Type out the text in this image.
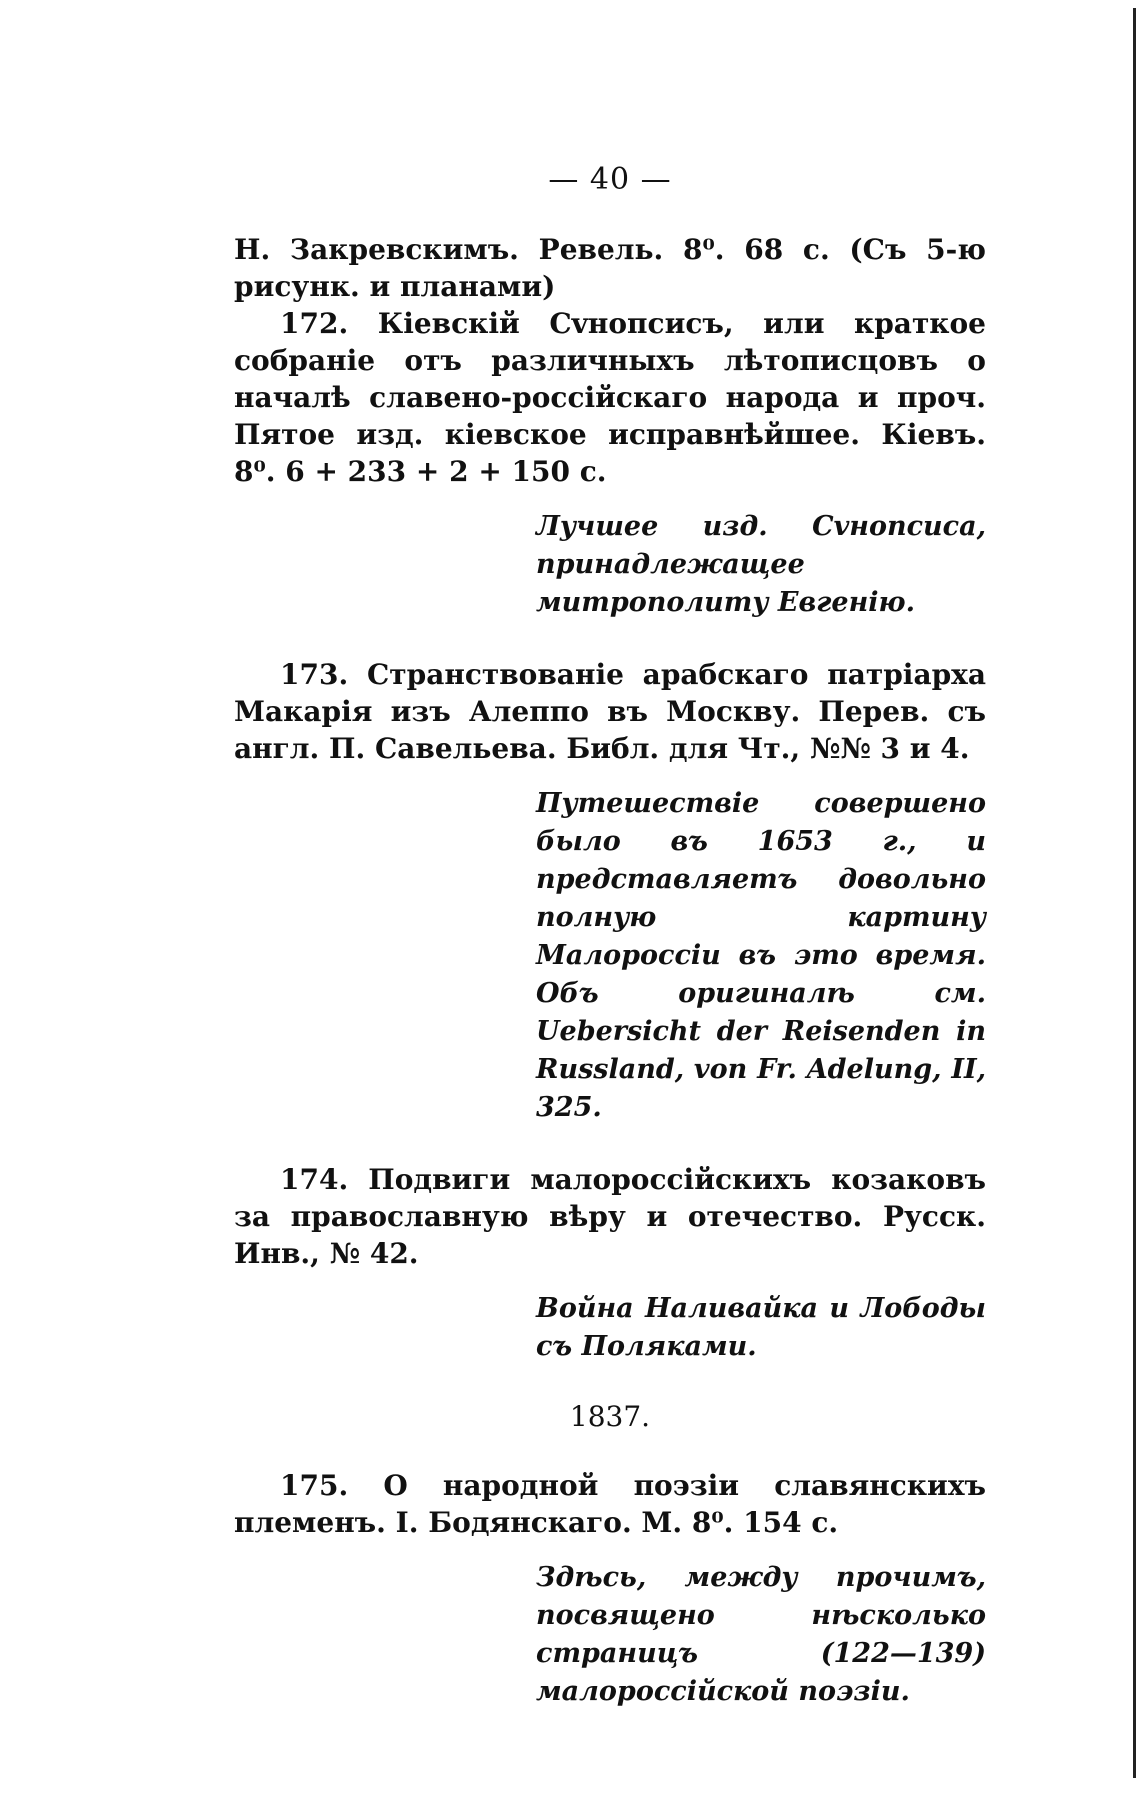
— 40 —

Н. Закревскимъ. Ревель. 8⁰. 68 с. (Съ 5-ю рисунк. и планами)

172. Кіевскій Сvнопсисъ, или краткое собраніе отъ различныхъ лѣтописцовъ о началѣ славено-россійскаго народа и проч. Пятое изд. кіевское исправнѣйшее. Кіевъ. 8⁰. 6 + 233 + 2 + 150 с.

Лучшее изд. Сvнопсиса, принадлежащее митрополиту Евгенію.

173. Странствованіе арабскаго патріарха Макарія изъ Алеппо въ Москву. Перев. съ англ. П. Савельева. Библ. для Чт., №№ 3 и 4.

Путешествіе совершено было въ 1653 г., и представляетъ довольно полную картину Малороссіи въ это время. Объ оригиналѣ см. Uebersicht der Reisenden in Russland, von Fr. Adelung, II, 325.

174. Подвиги малороссійскихъ козаковъ за православную вѣру и отечество. Русск. Инв., № 42.

Война Наливайка и Лободы съ Поляками.
1837.

175. О народной поэзіи славянскихъ племенъ. І. Бодянскаго. М. 8⁰. 154 с.

Здѣсь, между прочимъ, посвящено нѣсколько страницъ (122—139) малороссійской поэзіи.
